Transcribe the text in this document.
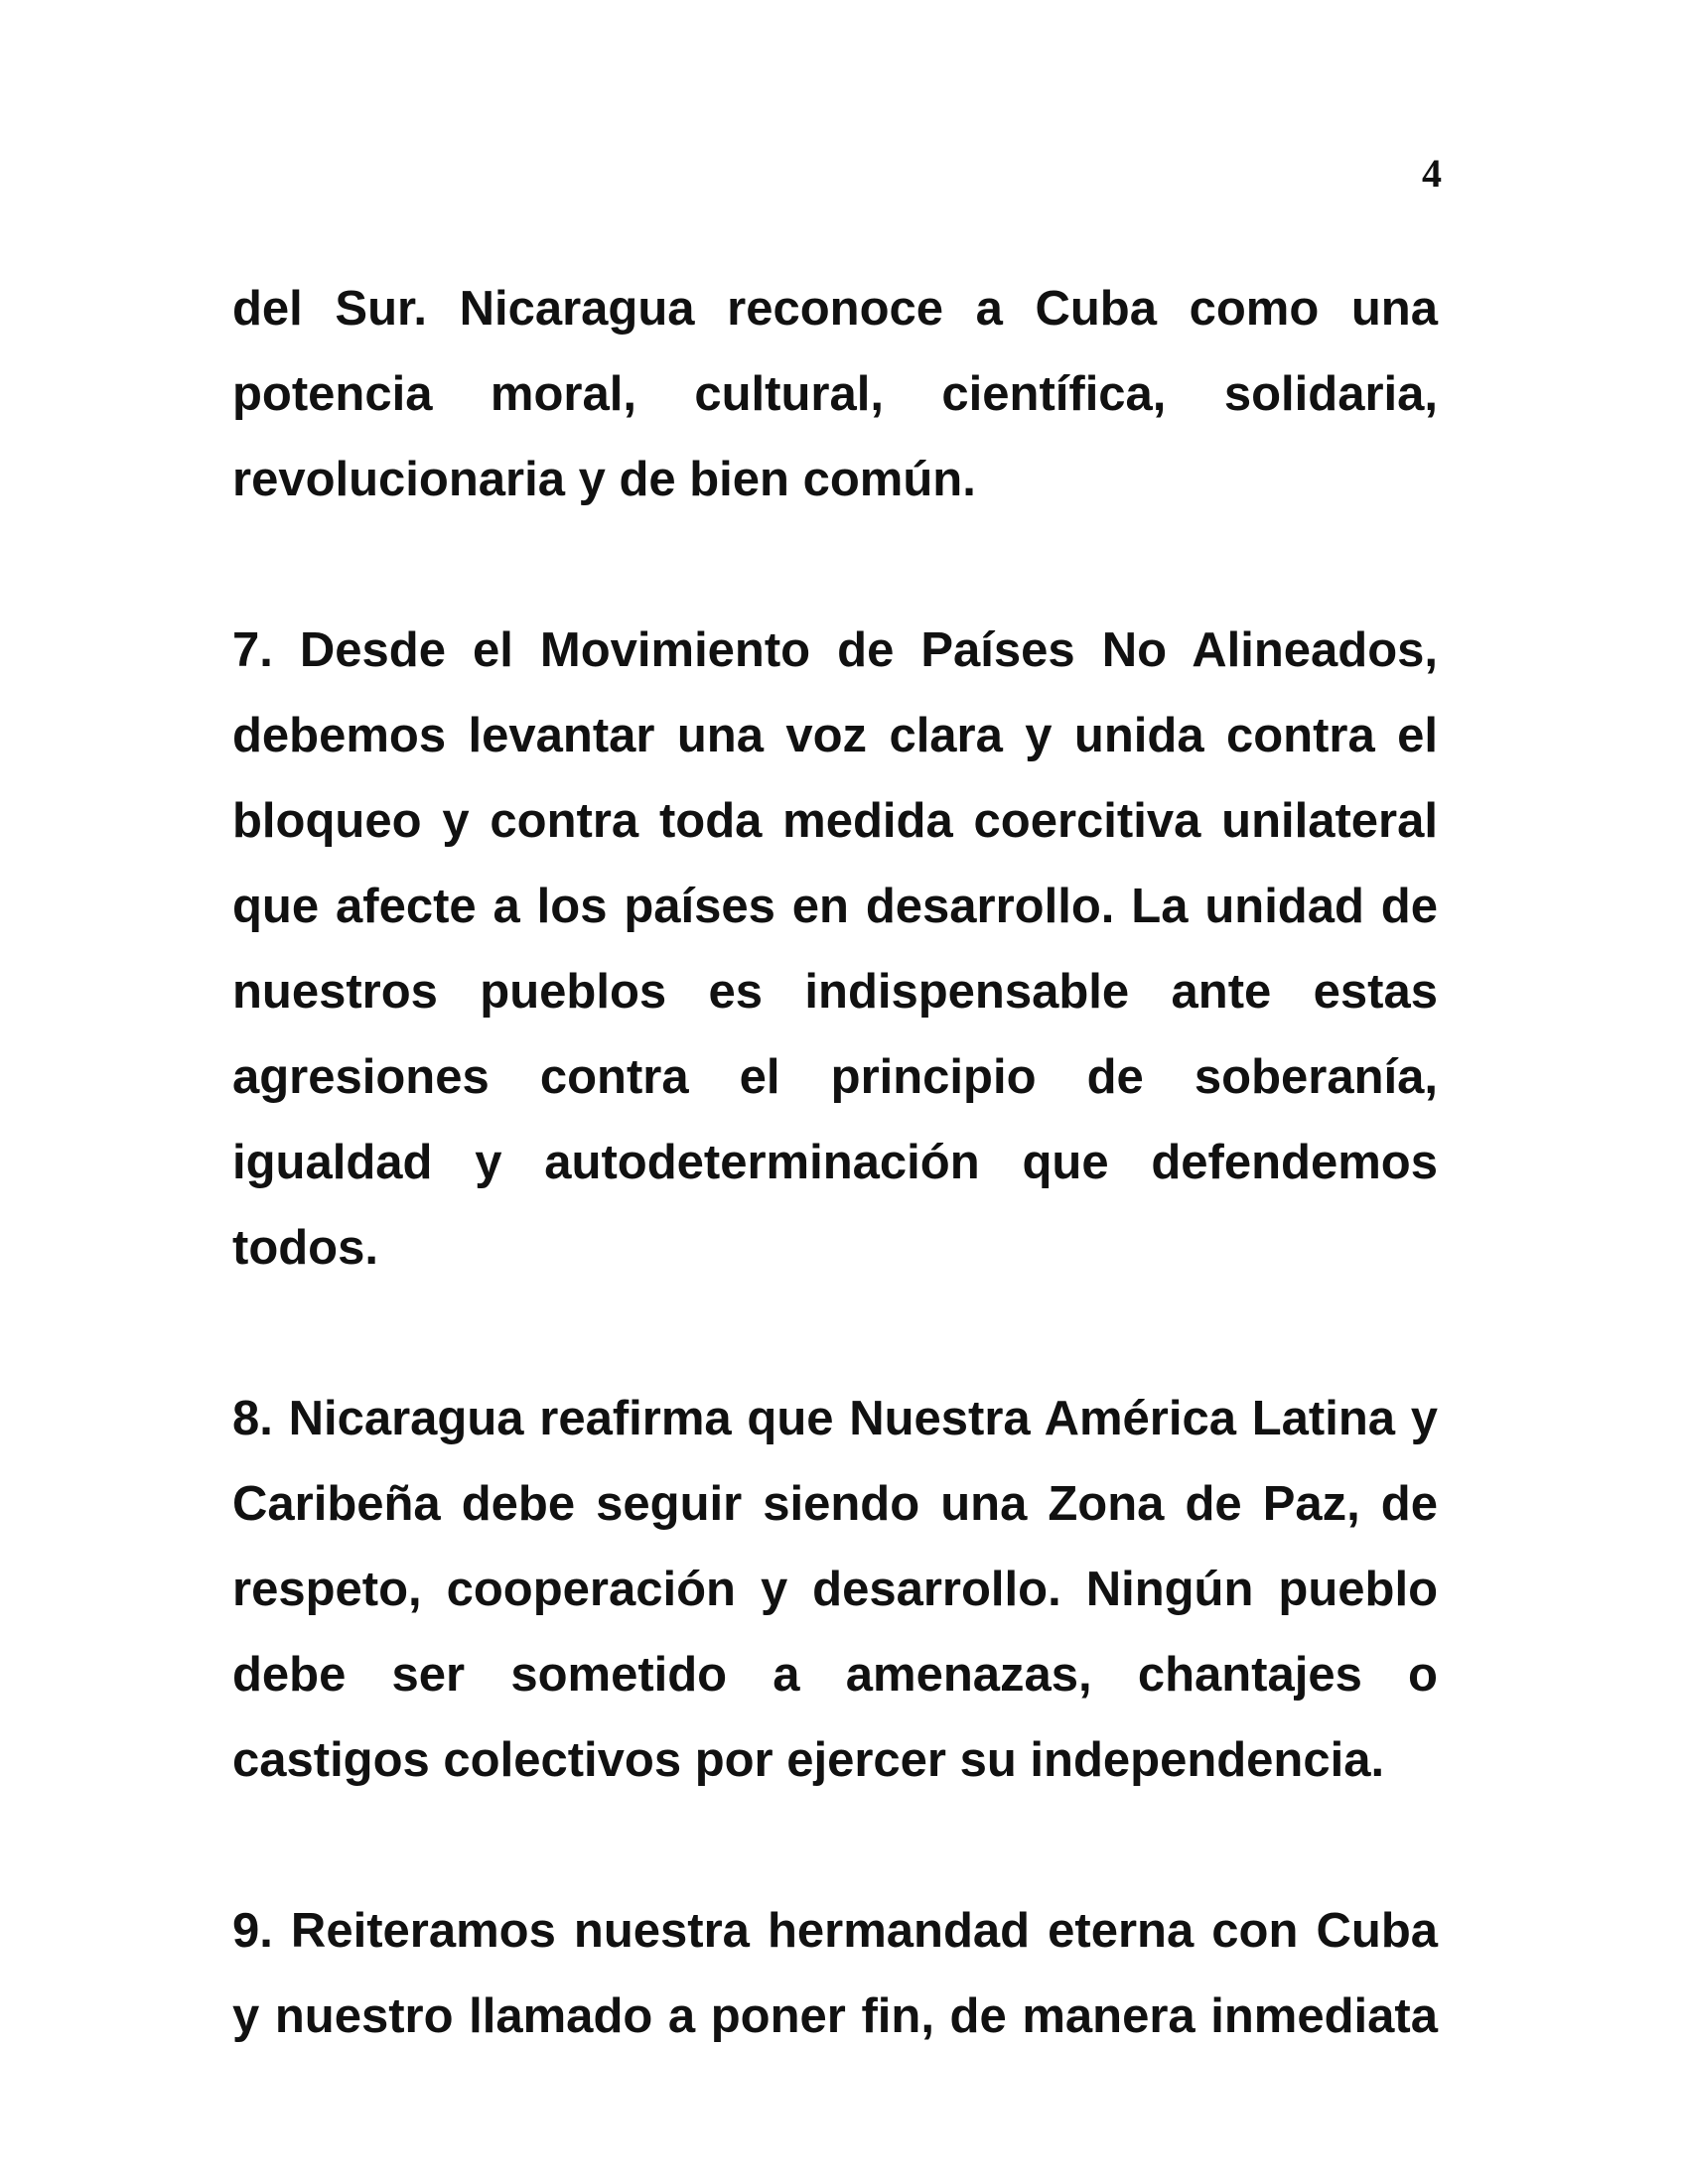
4

del Sur. Nicaragua reconoce a Cuba como una potencia moral, cultural, científica, solidaria, revolucionaria y de bien común.

7. Desde el Movimiento de Países No Alineados, debemos levantar una voz clara y unida contra el bloqueo y contra toda medida coercitiva unilateral que afecte a los países en desarrollo. La unidad de nuestros pueblos es indispensable ante estas agresiones contra el principio de soberanía, igualdad y autodeterminación que defendemos todos.

8. Nicaragua reafirma que Nuestra América Latina y Caribeña debe seguir siendo una Zona de Paz, de respeto, cooperación y desarrollo. Ningún pueblo debe ser sometido a amenazas, chantajes o castigos colectivos por ejercer su independencia.

9. Reiteramos nuestra hermandad eterna con Cuba y nuestro llamado a poner fin, de manera inmediata
